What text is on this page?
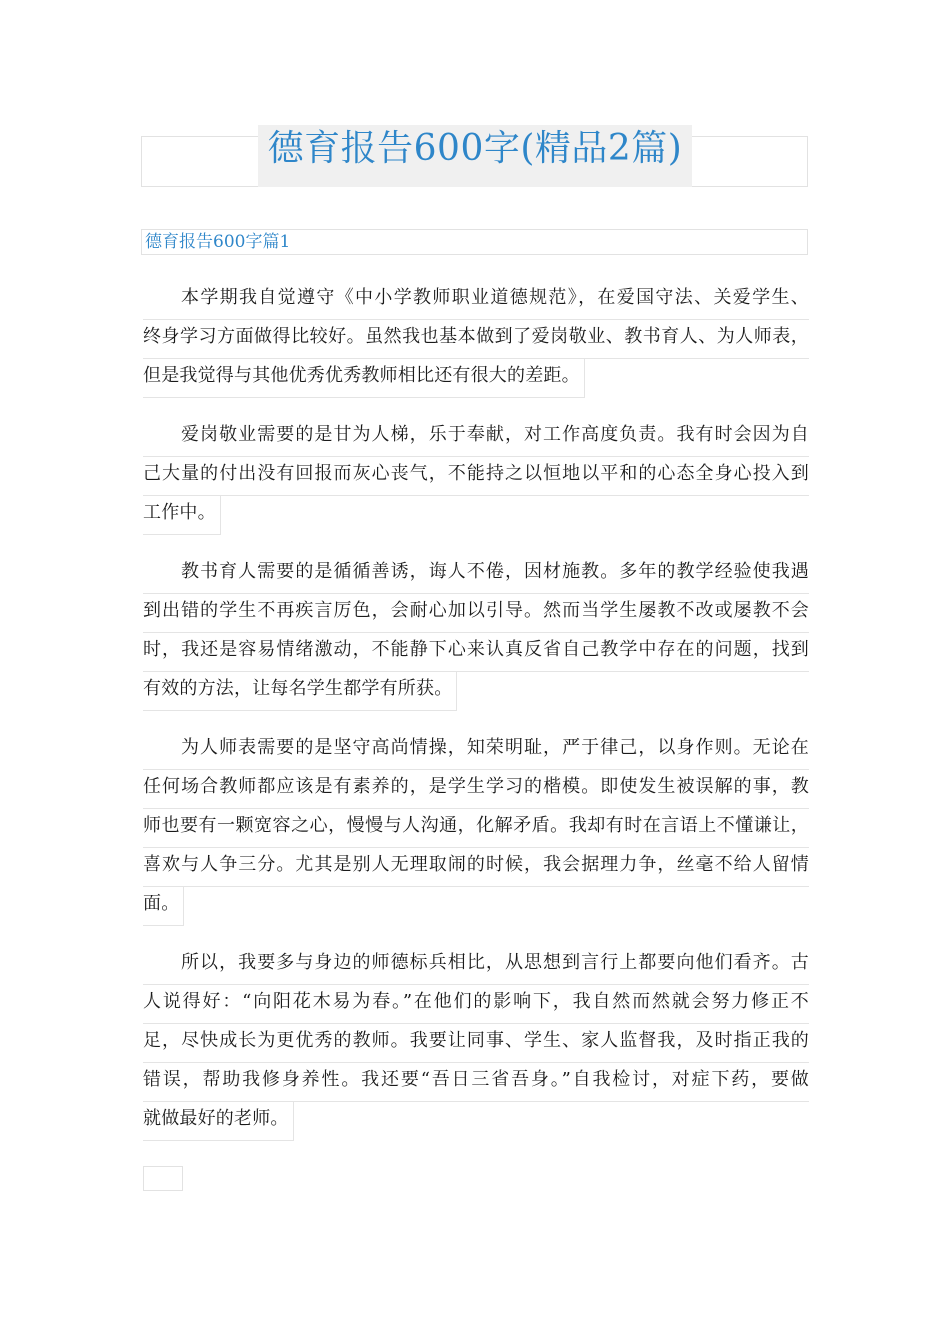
德育报告600字(精品2篇)
德育报告600字篇1
本学期我自觉遵守《中小学教师职业道德规范》，在爱国守法、关爱学生、
终身学习方面做得比较好。虽然我也基本做到了爱岗敬业、教书育人、为人师表，
但是我觉得与其他优秀优秀教师相比还有很大的差距。
爱岗敬业需要的是甘为人梯，乐于奉献，对工作高度负责。我有时会因为自
己大量的付出没有回报而灰心丧气，不能持之以恒地以平和的心态全身心投入到
工作中。
教书育人需要的是循循善诱，诲人不倦，因材施教。多年的教学经验使我遇
到出错的学生不再疾言厉色，会耐心加以引导。然而当学生屡教不改或屡教不会
时，我还是容易情绪激动，不能静下心来认真反省自己教学中存在的问题，找到
有效的方法，让每名学生都学有所获。
为人师表需要的是坚守高尚情操，知荣明耻，严于律己，以身作则。无论在
任何场合教师都应该是有素养的，是学生学习的楷模。即使发生被误解的事，教
师也要有一颗宽容之心，慢慢与人沟通，化解矛盾。我却有时在言语上不懂谦让，
喜欢与人争三分。尤其是别人无理取闹的时候，我会据理力争，丝毫不给人留情
面。
所以，我要多与身边的师德标兵相比，从思想到言行上都要向他们看齐。古
人说得好：“向阳花木易为春。”在他们的影响下，我自然而然就会努力修正不
足，尽快成长为更优秀的教师。我要让同事、学生、家人监督我，及时指正我的
错误，帮助我修身养性。我还要“吾日三省吾身。”自我检讨，对症下药，要做
就做最好的老师。
